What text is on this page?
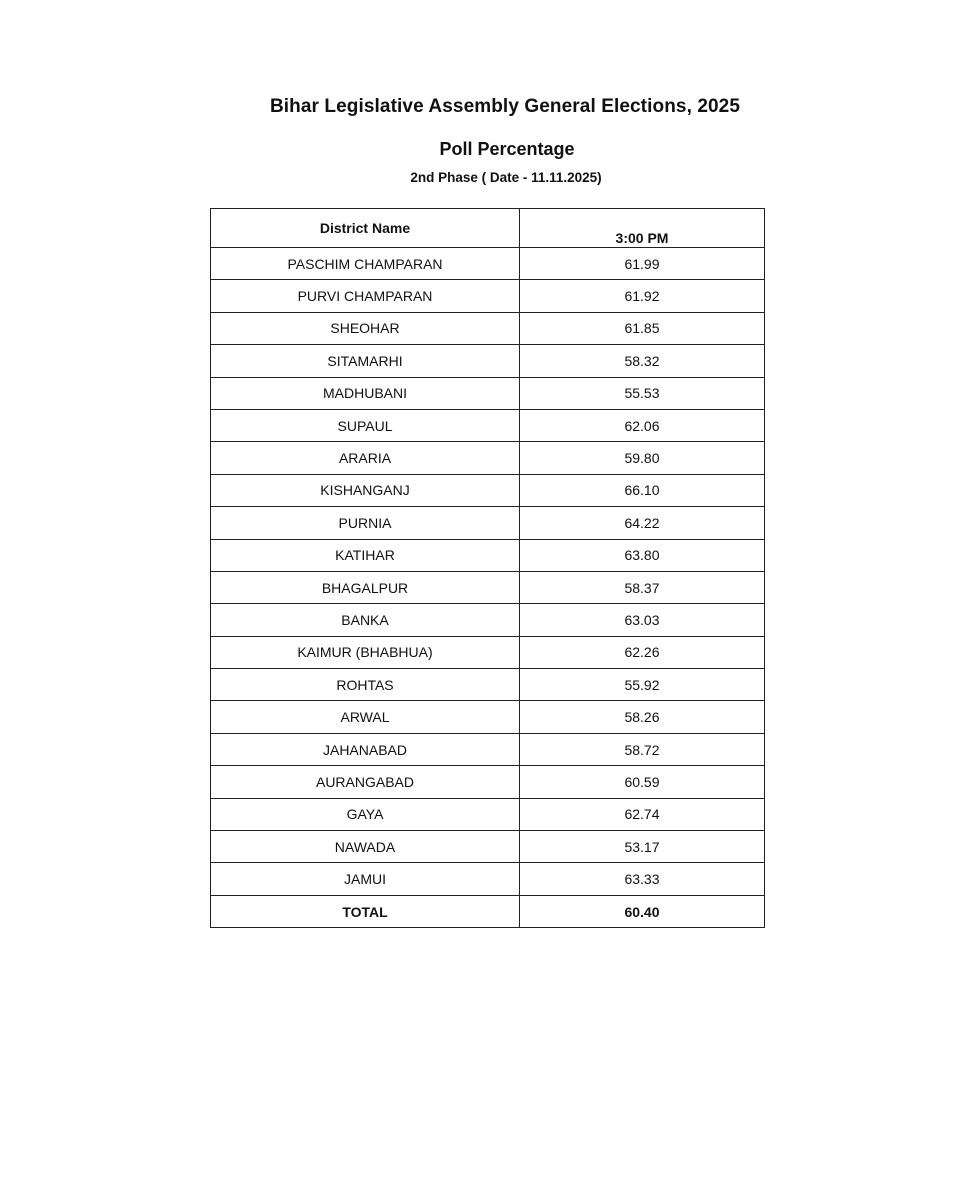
Bihar Legislative Assembly General Elections, 2025
Poll Percentage
2nd Phase ( Date - 11.11.2025)
District Name	3:00 PM
PASCHIM CHAMPARAN	61.99
PURVI CHAMPARAN	61.92
SHEOHAR	61.85
SITAMARHI	58.32
MADHUBANI	55.53
SUPAUL	62.06
ARARIA	59.80
KISHANGANJ	66.10
PURNIA	64.22
KATIHAR	63.80
BHAGALPUR	58.37
BANKA	63.03
KAIMUR (BHABHUA)	62.26
ROHTAS	55.92
ARWAL	58.26
JAHANABAD	58.72
AURANGABAD	60.59
GAYA	62.74
NAWADA	53.17
JAMUI	63.33
TOTAL	60.40
